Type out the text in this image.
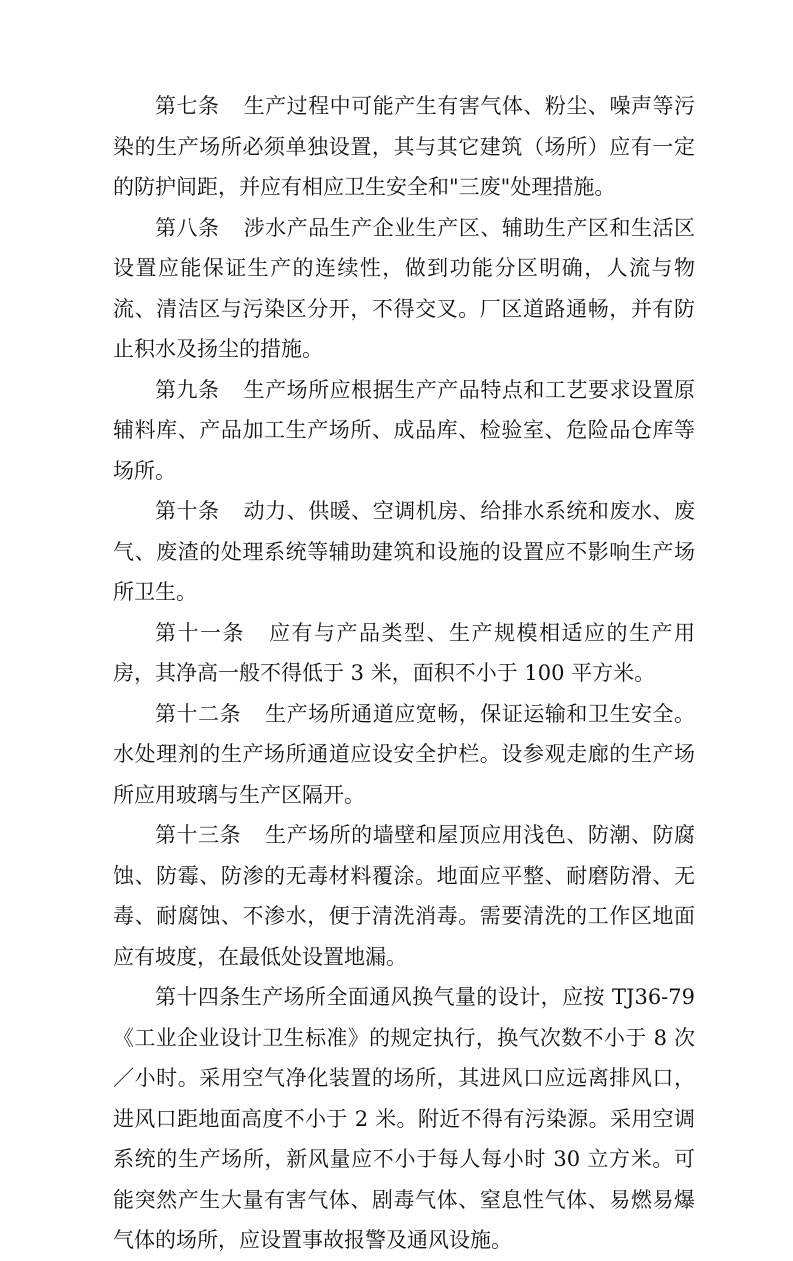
第七条 生产过程中可能产生有害气体、粉尘、噪声等污染的生产场所必须单独设置，其与其它建筑（场所）应有一定的防护间距，并应有相应卫生安全和"三废"处理措施。

第八条 涉水产品生产企业生产区、辅助生产区和生活区设置应能保证生产的连续性，做到功能分区明确，人流与物流、清洁区与污染区分开，不得交叉。厂区道路通畅，并有防止积水及扬尘的措施。

第九条 生产场所应根据生产产品特点和工艺要求设置原辅料库、产品加工生产场所、成品库、检验室、危险品仓库等场所。

第十条 动力、供暖、空调机房、给排水系统和废水、废气、废渣的处理系统等辅助建筑和设施的设置应不影响生产场所卫生。

第十一条 应有与产品类型、生产规模相适应的生产用房，其净高一般不得低于 3 米，面积不小于 100 平方米。

第十二条 生产场所通道应宽畅，保证运输和卫生安全。水处理剂的生产场所通道应设安全护栏。设参观走廊的生产场所应用玻璃与生产区隔开。

第十三条 生产场所的墙壁和屋顶应用浅色、防潮、防腐蚀、防霉、防渗的无毒材料覆涂。地面应平整、耐磨防滑、无毒、耐腐蚀、不渗水，便于清洗消毒。需要清洗的工作区地面应有坡度，在最低处设置地漏。

第十四条生产场所全面通风换气量的设计，应按 TJ36-79《工业企业设计卫生标准》的规定执行，换气次数不小于 8 次／小时。采用空气净化装置的场所，其进风口应远离排风口，进风口距地面高度不小于 2 米。附近不得有污染源。采用空调系统的生产场所，新风量应不小于每人每小时 30 立方米。可能突然产生大量有害气体、剧毒气体、窒息性气体、易燃易爆气体的场所，应设置事故报警及通风设施。
